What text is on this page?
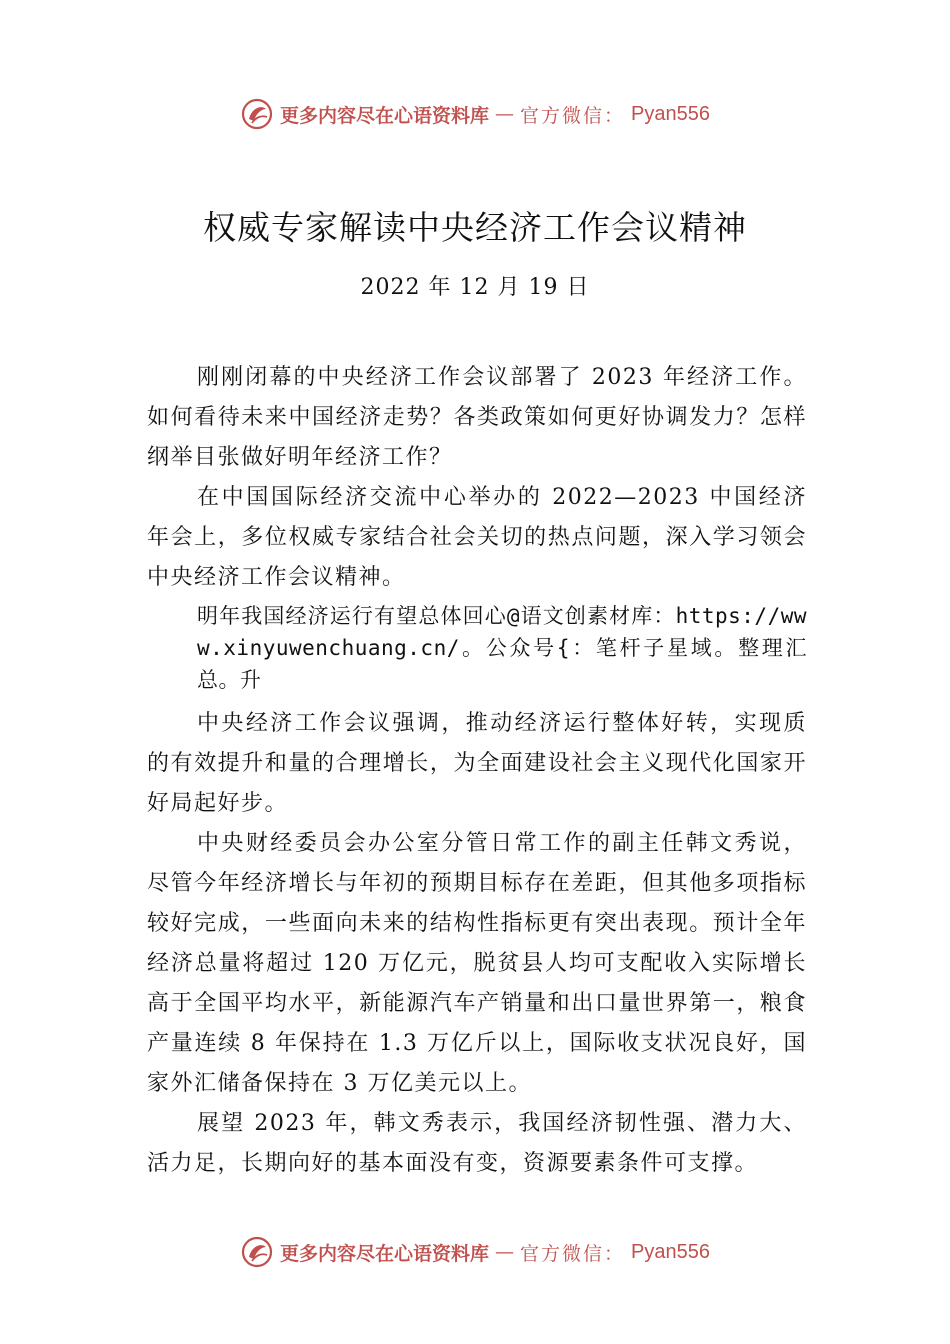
更多内容尽在心语资料库 — 官方微信： Pyan556
权威专家解读中央经济工作会议精神
2022 年 12 月 19 日

刚刚闭幕的中央经济工作会议部署了 2023 年经济工作。如何看待未来中国经济走势？各类政策如何更好协调发力？怎样纲举目张做好明年经济工作？

在中国国际经济交流中心举办的 2022—2023 中国经济年会上，多位权威专家结合社会关切的热点问题，深入学习领会中央经济工作会议精神。

明年我国经济运行有望总体回心@语文创素材库：https://www.xinyuwenchuang.cn/。公众号{：笔杆子星域。整理汇总。升

中央经济工作会议强调，推动经济运行整体好转，实现质的有效提升和量的合理增长，为全面建设社会主义现代化国家开好局起好步。

中央财经委员会办公室分管日常工作的副主任韩文秀说，尽管今年经济增长与年初的预期目标存在差距，但其他多项指标较好完成，一些面向未来的结构性指标更有突出表现。预计全年经济总量将超过 120 万亿元，脱贫县人均可支配收入实际增长高于全国平均水平，新能源汽车产销量和出口量世界第一，粮食产量连续 8 年保持在 1.3 万亿斤以上，国际收支状况良好，国家外汇储备保持在 3 万亿美元以上。

展望 2023 年，韩文秀表示，我国经济韧性强、潜力大、活力足，长期向好的基本面没有变，资源要素条件可支撑。

更多内容尽在心语资料库 — 官方微信： Pyan556
